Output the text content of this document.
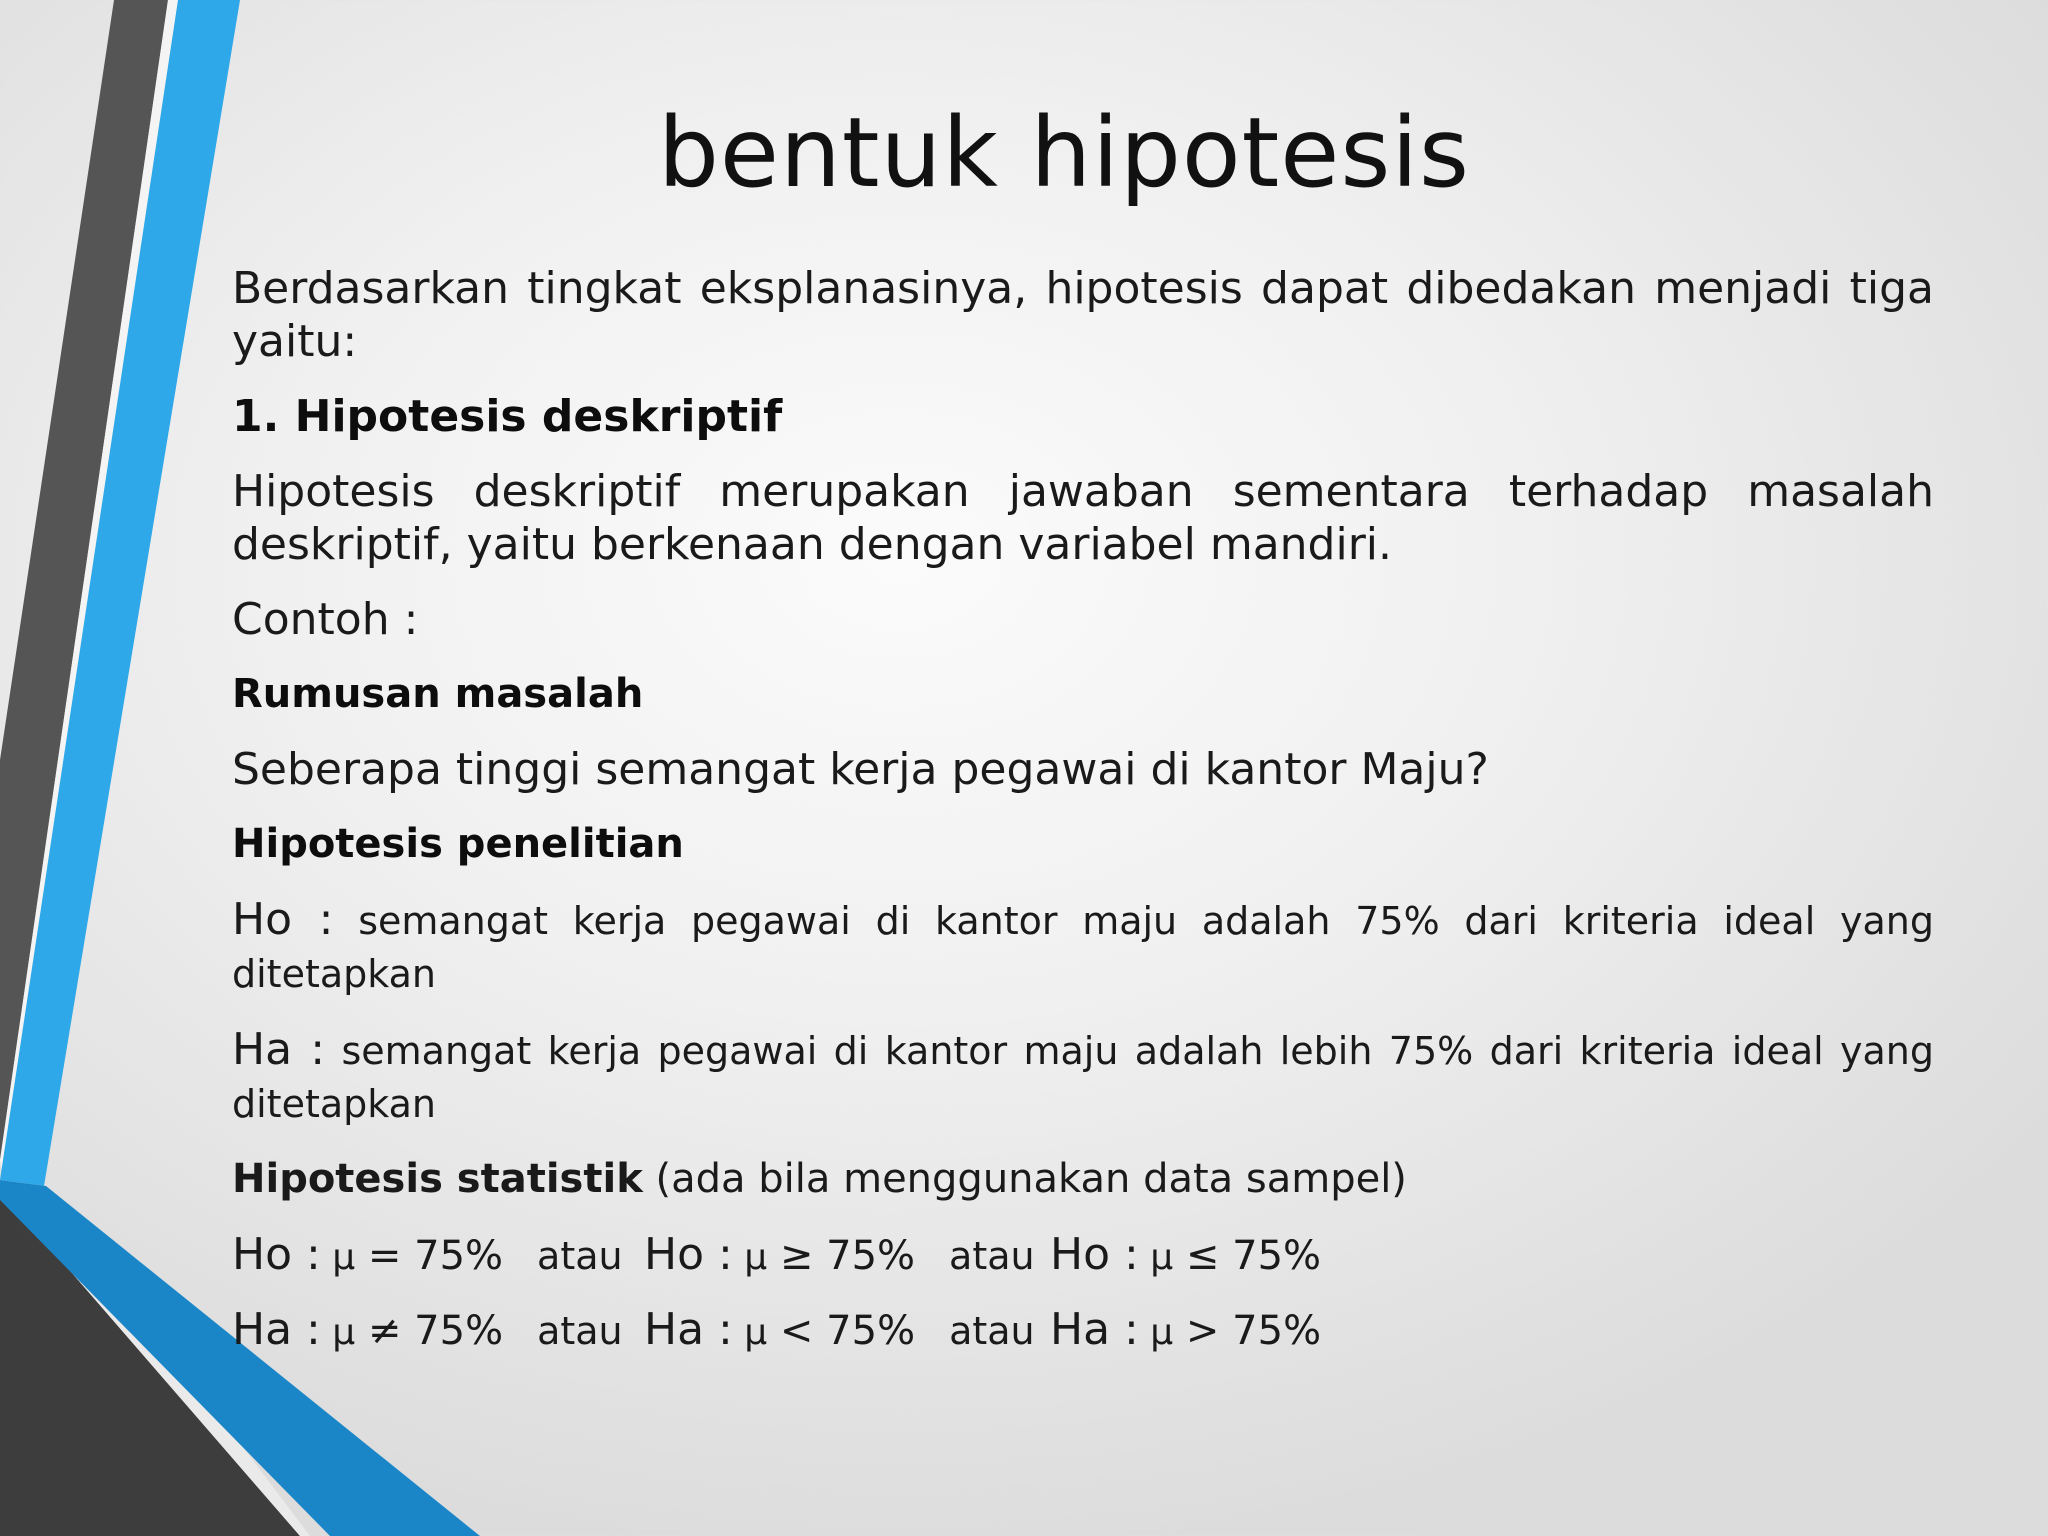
bentuk hipotesis

Berdasarkan tingkat eksplanasinya, hipotesis dapat dibedakan menjadi tiga yaitu:

1. Hipotesis deskriptif

Hipotesis deskriptif merupakan jawaban sementara terhadap masalah deskriptif, yaitu berkenaan dengan variabel mandiri.

Contoh :

Rumusan masalah

Seberapa tinggi semangat kerja pegawai di kantor Maju?

Hipotesis penelitian

Ho : semangat kerja pegawai di kantor maju adalah 75% dari kriteria ideal yang ditetapkan

Ha : semangat kerja pegawai di kantor maju adalah lebih 75% dari kriteria ideal yang ditetapkan

Hipotesis statistik (ada bila menggunakan data sampel)

Ho : μ = 75% atau Ho : μ ≥ 75% atau Ho : μ ≤ 75%
Ha : μ ≠ 75% atau Ha : μ < 75% atau Ha : μ > 75%
